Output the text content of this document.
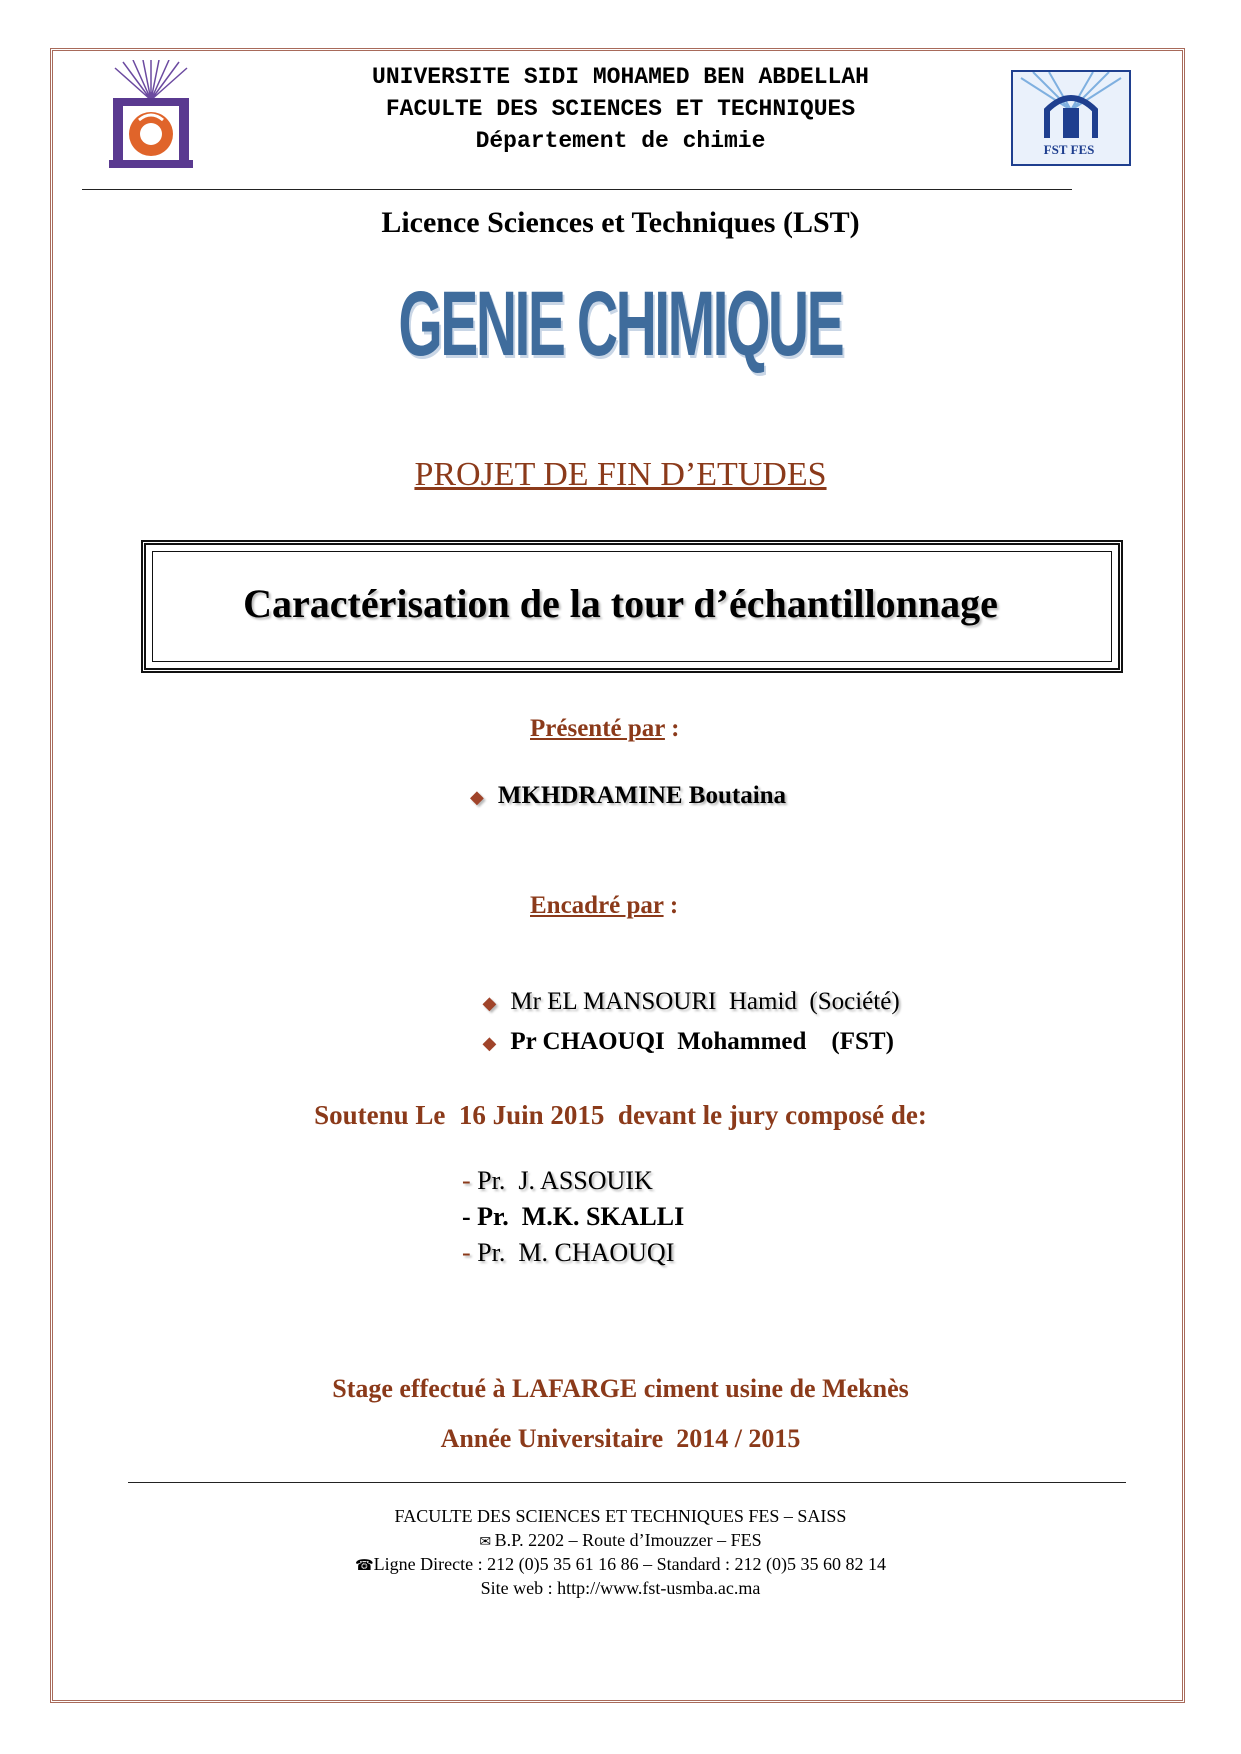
FST FES
UNIVERSITE SIDI MOHAMED BEN ABDELLAH
FACULTE DES SCIENCES ET TECHNIQUES
Département de chimie
Licence Sciences et Techniques (LST)
GENIE CHIMIQUE
PROJET DE FIN D’ETUDES
Caractérisation de la tour d’échantillonnage
Présenté par :
◆ MKHDRAMINE Boutaina
Encadré par :

◆ Mr EL MANSOURI  Hamid  (Société)

◆ Pr CHAOUQI  Mohammed    (FST)

Soutenu Le  16 Juin 2015  devant le jury composé de:
- Pr.  J. ASSOUIK
- Pr.  M.K. SKALLI
- Pr.  M. CHAOUQI
Stage effectué à LAFARGE ciment usine de Meknès
Année Universitaire  2014 / 2015
FACULTE DES SCIENCES ET TECHNIQUES FES – SAISS
✉ B.P. 2202 – Route d’Imouzzer – FES
☎Ligne Directe : 212 (0)5 35 61 16 86 – Standard : 212 (0)5 35 60 82 14
Site web : http://www.fst-usmba.ac.ma
